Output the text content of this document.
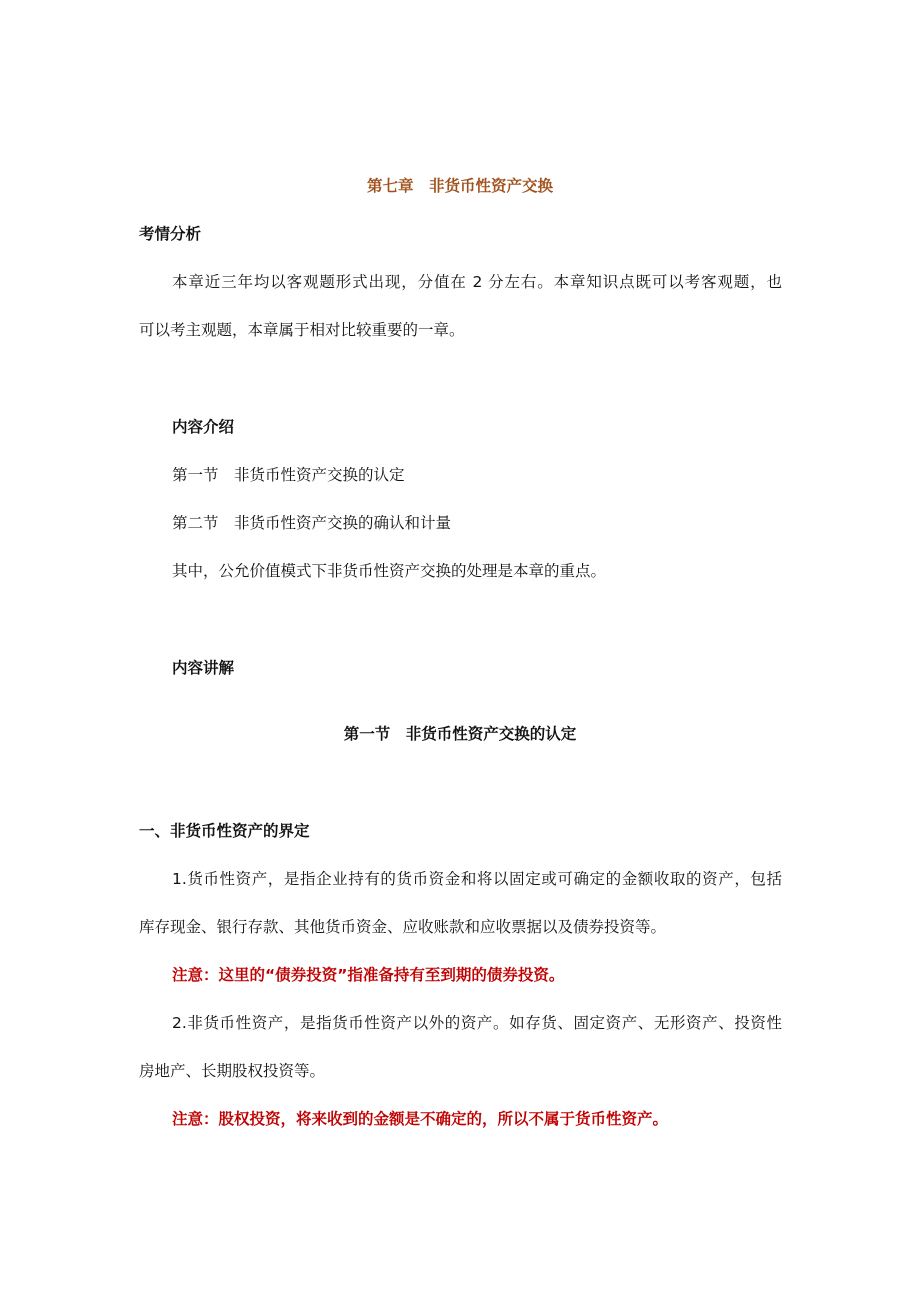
第七章　非货币性资产交换
考情分析
本章近三年均以客观题形式出现，分值在 2 分左右。本章知识点既可以考客观题，也
可以考主观题，本章属于相对比较重要的一章。
内容介绍
第一节　非货币性资产交换的认定
第二节　非货币性资产交换的确认和计量
其中，公允价值模式下非货币性资产交换的处理是本章的重点。
内容讲解
第一节　非货币性资产交换的认定
一、非货币性资产的界定
1.货币性资产，是指企业持有的货币资金和将以固定或可确定的金额收取的资产，包括
库存现金、银行存款、其他货币资金、应收账款和应收票据以及债券投资等。
注意：这里的“债券投资”指准备持有至到期的债券投资。
2.非货币性资产，是指货币性资产以外的资产。如存货、固定资产、无形资产、投资性
房地产、长期股权投资等。
注意：股权投资，将来收到的金额是不确定的，所以不属于货币性资产。
